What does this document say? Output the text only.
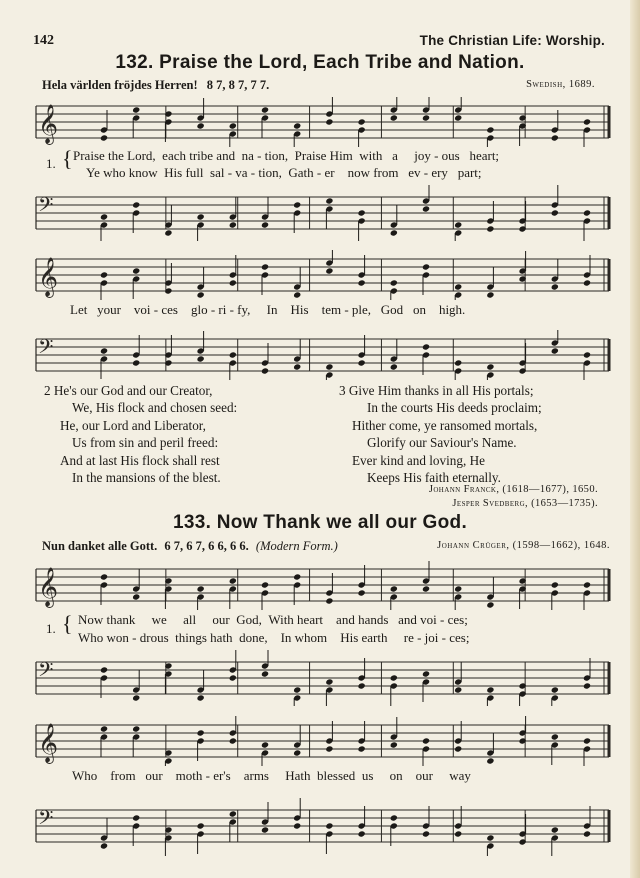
142	The Christian Life: Worship.
132. Praise the Lord, Each Tribe and Nation.
Hela världen fröjdes Herren! 8 7, 8 7, 7 7.	Swedish, 1689.
𝄞
𝄢
1. { Praise the Lord, each tribe and na - tion, Praise Him with a joy - ous heart;
Ye who know His full sal - va - tion, Gath - er now from ev - ery part;
𝄞
Let your voi - ces glo - ri - fy, In His tem - ple, God on high.
𝄢
2 He's our God and our Creator,
We, His flock and chosen seed:
He, our Lord and Liberator,
Us from sin and peril freed:
And at last His flock shall rest
In the mansions of the blest.
3 Give Him thanks in all His portals;
In the courts His deeds proclaim;
Hither come, ye ransomed mortals,
Glorify our Saviour's Name.
Ever kind and loving, He
Keeps His faith eternally.
Johann Franck, (1618—1677), 1650.
Jesper Svedberg, (1653—1735).
133. Now Thank we all our God.
Nun danket alle Gott. 6 7, 6 7, 6 6, 6 6. (Modern Form.)	Johann Crüger, (1598—1662), 1648.
𝄞
1. { Now thank we all our God, With heart and hands and voi - ces;
Who won - drous things hath done, In whom His earth re - joi - ces;
𝄢
𝄞
Who from our moth - er's arms Hath blessed us on our way
𝄢
